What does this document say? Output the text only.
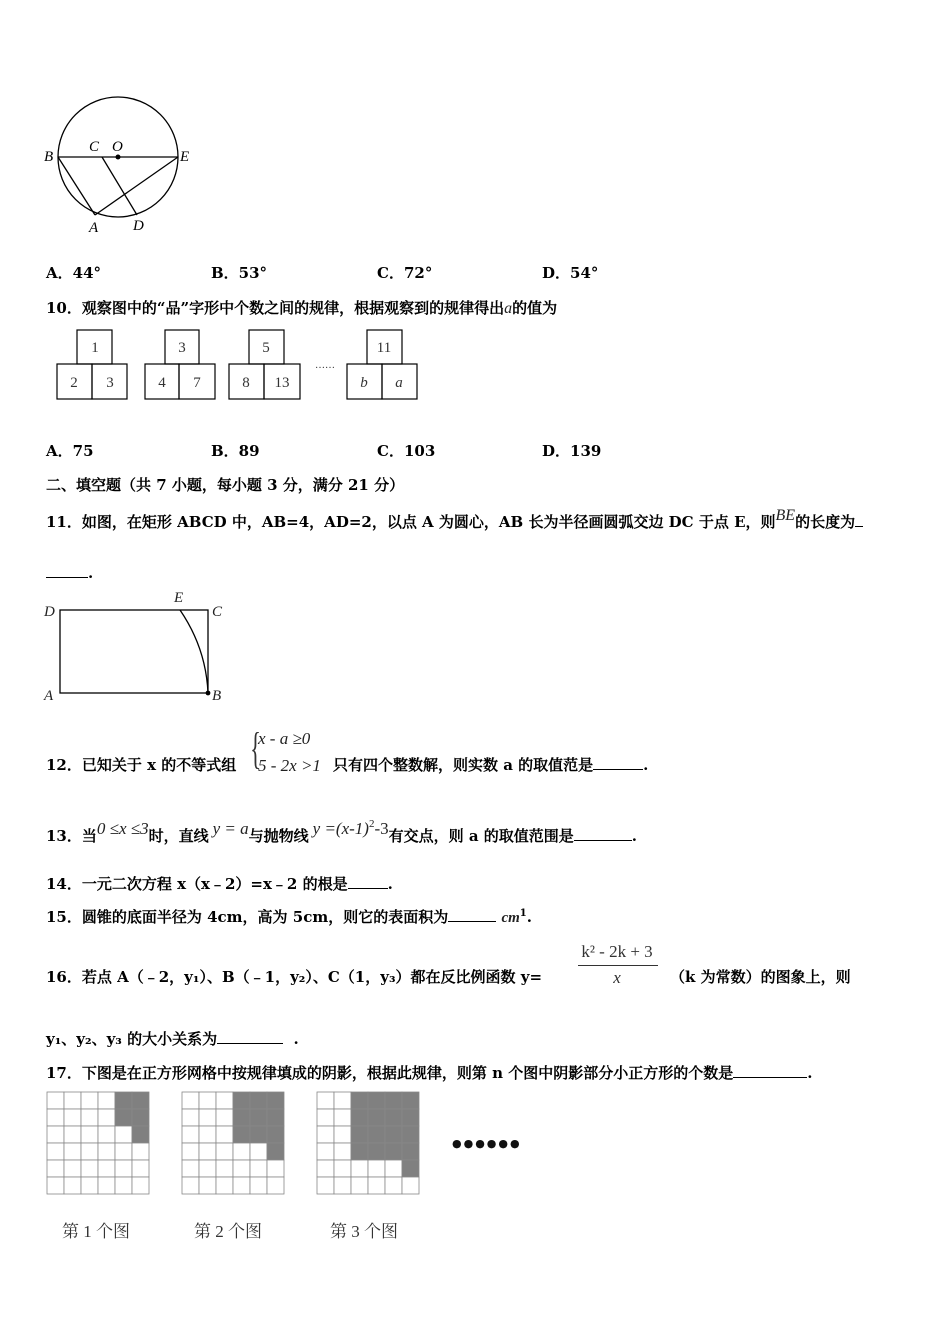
B
C O
E
A D
A．44°	B．53°	C．72°	D．54°
10．观察图中的“品”字形中个数之间的规律，根据观察到的规律得出a的值为
1
2 3
3
4 7
5
8 13
……
11
b a
A．75	B．89	C．103	D．139
二、填空题（共 7 小题，每小题 3 分，满分 21 分）
11．如图，在矩形 ABCD 中，AB=4，AD=2，以点 A 为圆心，AB 长为半径画圆弧交边 DC 于点 E，则BE的长度为
.
D
E
C
A	B
12．已知关于 x 的不等式组 {
x - a ≥0
5 - 2x >1 只有四个整数解，则实数 a 的取值范是	.
13．当0 ≤x ≤3时，直线 y = a与抛物线 $y =(x-1)^2-3$有交点，则 a 的取值范围是	.
14．一元二次方程 x（x﹣2）=x﹣2 的根是	.
15．圆锥的底面半径为 4cm，高为 5cm，则它的表面积为	$cm^1$.
16．若点 A（﹣2，y₁）、B（﹣1，y₂）、C（1，y₃）都在反比例函数 y=
k² - 2k + 3
x	（k 为常数）的图象上，则
y₁、y₂、y₃ 的大小关系为	.
17．下图是在正方形网格中按规律填成的阴影，根据此规律，则第 n 个图中阴影部分小正方形的个数是	.
●●●●●●
第 1 个图	第 2 个图	第 3 个图
